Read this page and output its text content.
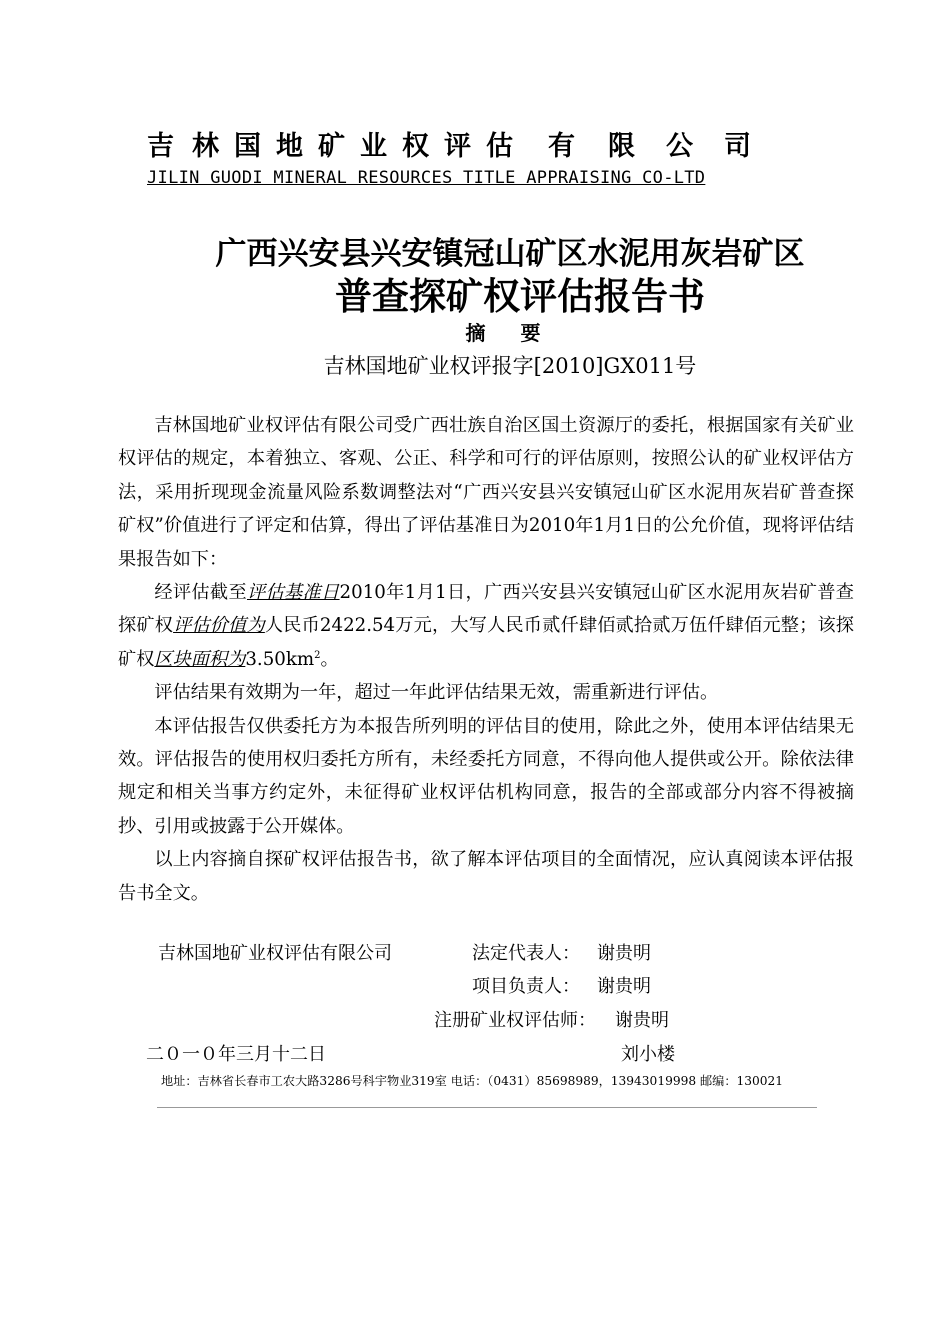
吉 林 国 地 矿 业 权 评 估 有 限 公 司
JILIN GUODI MINERAL RESOURCES TITLE APPRAISING CO-LTD
广西兴安县兴安镇冠山矿区水泥用灰岩矿区
普查探矿权评估报告书
摘 要
吉林国地矿业权评报字[2010]GX011号

吉林国地矿业权评估有限公司受广西壮族自治区国土资源厅的委托，根据国家有关矿业权评估的规定，本着独立、客观、公正、科学和可行的评估原则，按照公认的矿业权评估方法，采用折现现金流量风险系数调整法对“广西兴安县兴安镇冠山矿区水泥用灰岩矿普查探矿权”价值进行了评定和估算，得出了评估基准日为2010年1月1日的公允价值，现将评估结果报告如下：

经评估截至评估基准日2010年1月1日，广西兴安县兴安镇冠山矿区水泥用灰岩矿普查探矿权评估价值为人民币2422.54万元，大写人民币贰仟肆佰贰拾贰万伍仟肆佰元整；该探矿权区块面积为$3.50km^2$。

评估结果有效期为一年，超过一年此评估结果无效，需重新进行评估。

本评估报告仅供委托方为本报告所列明的评估目的使用，除此之外，使用本评估结果无效。评估报告的使用权归委托方所有，未经委托方同意，不得向他人提供或公开。除依法律规定和相关当事方约定外，未征得矿业权评估机构同意，报告的全部或部分内容不得被摘抄、引用或披露于公开媒体。

以上内容摘自探矿权评估报告书，欲了解本评估项目的全面情况，应认真阅读本评估报告书全文。

吉林国地矿业权评估有限公司	法定代表人： 谢贵明
项目负责人： 谢贵明
注册矿业权评估师： 谢贵明
二０一０年三月十二日	刘小楼
地址：吉林省长春市工农大路3286号科宇物业319室 电话：（0431）85698989，13943019998 邮编：130021
